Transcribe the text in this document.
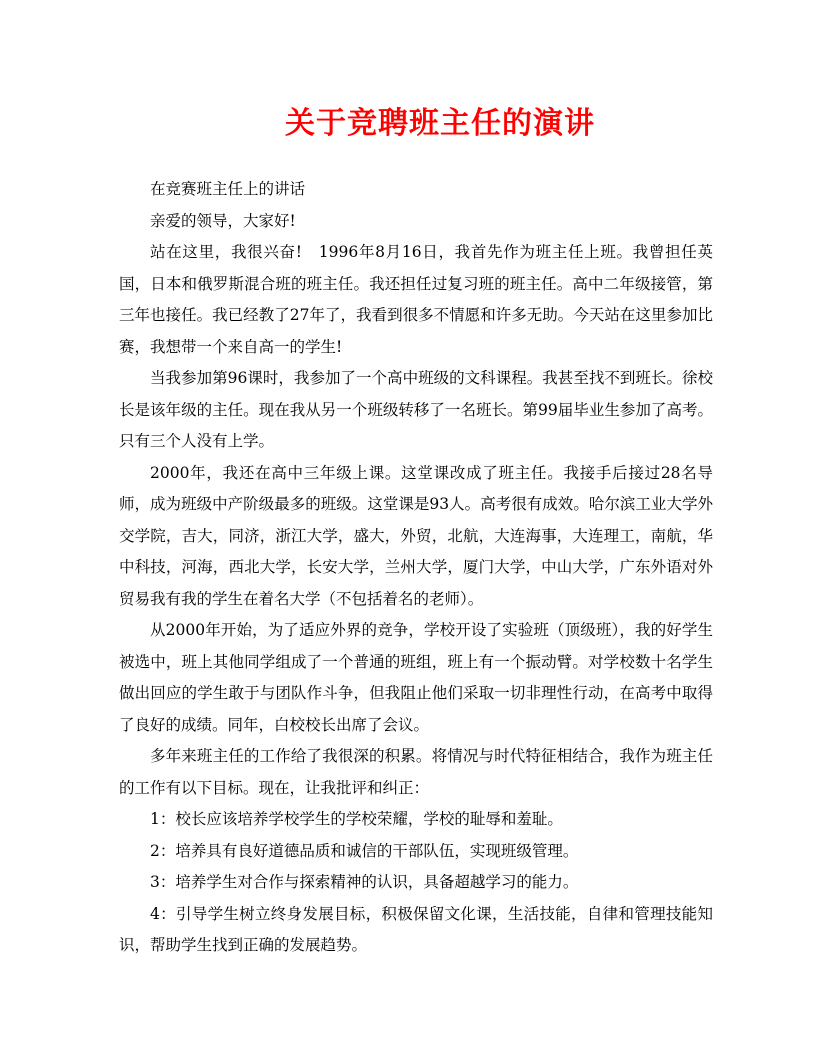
关于竞聘班主任的演讲

在竞赛班主任上的讲话

亲爱的领导，大家好!

站在这里，我很兴奋!　1996年8月16日，我首先作为班主任上班。我曾担任英国，日本和俄罗斯混合班的班主任。我还担任过复习班的班主任。高中二年级接管，第三年也接任。我已经教了27年了，我看到很多不情愿和许多无助。今天站在这里参加比赛，我想带一个来自高一的学生!

当我参加第96课时，我参加了一个高中班级的文科课程。我甚至找不到班长。徐校长是该年级的主任。现在我从另一个班级转移了一名班长。第99届毕业生参加了高考。只有三个人没有上学。

2000年，我还在高中三年级上课。这堂课改成了班主任。我接手后接过28名导师，成为班级中产阶级最多的班级。这堂课是93人。高考很有成效。哈尔滨工业大学外交学院，吉大，同济，浙江大学，盛大，外贸，北航，大连海事，大连理工，南航，华中科技，河海，西北大学，长安大学，兰州大学，厦门大学，中山大学，广东外语对外贸易我有我的学生在着名大学（不包括着名的老师）。

从2000年开始，为了适应外界的竞争，学校开设了实验班（顶级班），我的好学生被选中，班上其他同学组成了一个普通的班组，班上有一个振动臂。对学校数十名学生做出回应的学生敢于与团队作斗争，但我阻止他们采取一切非理性行动，在高考中取得了良好的成绩。同年，白校校长出席了会议。

多年来班主任的工作给了我很深的积累。将情况与时代特征相结合，我作为班主任的工作有以下目标。现在，让我批评和纠正：

1：校长应该培养学校学生的学校荣耀，学校的耻辱和羞耻。

2：培养具有良好道德品质和诚信的干部队伍，实现班级管理。

3：培养学生对合作与探索精神的认识，具备超越学习的能力。

4：引导学生树立终身发展目标，积极保留文化课，生活技能，自律和管理技能知识，帮助学生找到正确的发展趋势。
